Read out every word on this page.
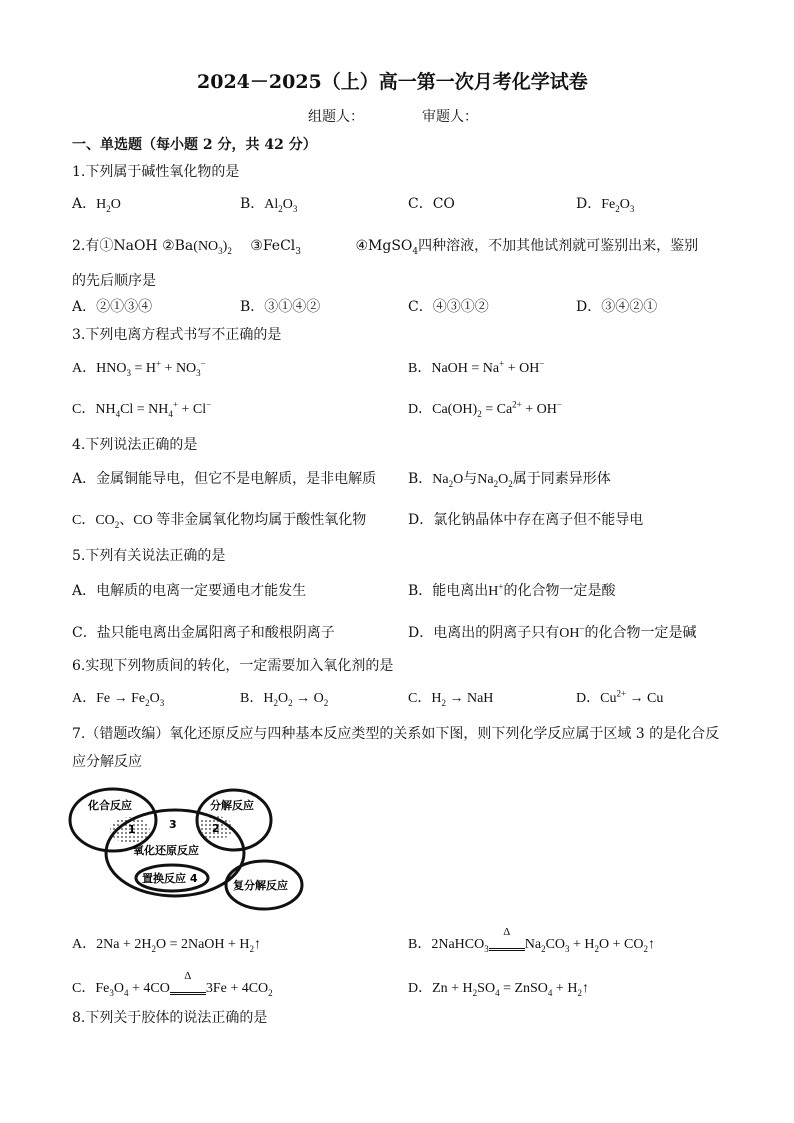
2024－2025（上）高一第一次月考化学试卷
组题人：	审题人：
一、单选题（每小题 2 分，共 42 分）
1.下列属于碱性氧化物的是
A．$H_2O$	B．$Al_2O_3$	C．CO	D．$Fe_2O_3$
2.有①NaOH $②Ba(NO_3)_2$ ③FeCl$_3$	④MgSO$_4$四种溶液，不加其他试剂就可鉴别出来，鉴别
的先后顺序是
A．②①③④	B．③①④②	C．④③①②	D．③④②①
3.下列电离方程式书写不正确的是
A．$HNO_3 = H^+ + NO_3^-$	B．NaOH = Na+ + OH−
C．$NH_4Cl = NH_4^+ + Cl^-$	D．$Ca(OH)_2 = Ca^{2+} + OH^-$
4.下列说法正确的是
A．金属铜能导电，但它不是电解质，是非电解质 B．$Na_2O$与$Na_2O_2$属于同素异形体
C．$CO_2$、CO 等非金属氧化物均属于酸性氧化物	D．氯化钠晶体中存在离子但不能导电
5.下列有关说法正确的是
A．电解质的电离一定要通电才能发生	B．能电离出H+的化合物一定是酸
C．盐只能电离出金属阳离子和酸根阴离子	D．电离出的阴离子只有OH−的化合物一定是碱
6.实现下列物质间的转化，一定需要加入氧化剂的是
A．$Fe \to Fe_2O_3$	B．$H_2O_2 \to O_2$	C．$H_2$ → NaH	D．$Cu^{2+} \to Cu$
7.（错题改编）氧化还原反应与四种基本反应类型的关系如下图，则下列化学反应属于区域 3 的是化合反
应分解反应
化合反应	分解反应
1	2
3
氧化还原反应
置换反应 4
复分解反应
A．$2Na + 2H_2O$ = 2NaOH + $H_2↑$	B．2NaHCO$_3$
Δ
$Na_2CO_3 + H_2O$ + $CO_2↑$
C．$Fe_3O_4 + 4CO$
Δ
$3Fe + 4CO_2$	D．$Zn + H_2SO_4$ = ZnSO$_4$ + $H_2↑$
8.下列关于胶体的说法正确的是
